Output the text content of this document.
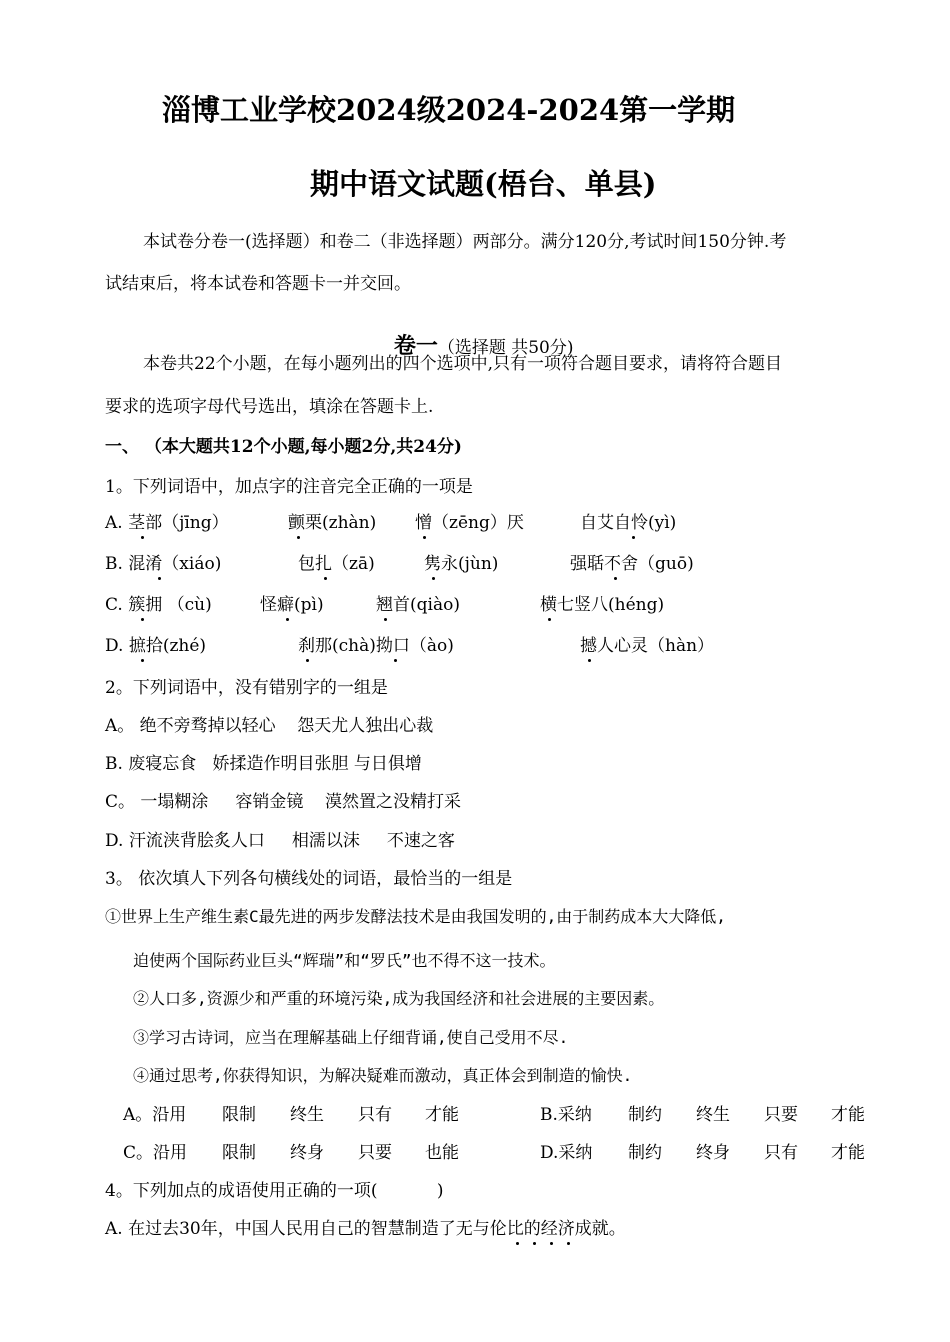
淄博工业学校2024级2024-2024第一学期
期中语文试题(梧台、单县)
本试卷分卷一(选择题）和卷二（非选择题）两部分。满分120分,考试时间150分钟.考
试结束后，将本试卷和答题卡一并交回。

卷一（选择题 共50分)

本卷共22个小题，在每小题列出的四个选项中,只有一项符合题目要求，请将符合题目
要求的选项字母代号选出，填涂在答题卡上.
一、 （本大题共12个小题,每小题2分,共24分)
1。下列词语中，加点字的注音完全正确的一项是
A. 茎部（jīng）	颤栗(zhàn) 憎（zēng）厌	自艾自怜(yì)
B. 混淆（xiáo)	包扎（zā)	隽永(jùn)	强聒不舍（guō)
C. 簇拥 （cù)	怪癖(pì)	翘首(qiào)	横七竖八(héng)
D. 摭拾(zhé)	刹那(chà)拗口（ào)	撼人心灵（hàn）
2。下列词语中，没有错别字的一组是
A。 绝不旁骛掉以轻心    怨天尤人独出心裁
B. 废寝忘食   娇揉造作明目张胆 与日俱增
C。 一塌糊涂     容销金镜    漠然置之没精打采
D. 汗流浃背脍炙人口     相濡以沫     不速之客
3。 依次填人下列各句横线处的词语，最恰当的一组是
①世界上生产维生素C最先进的两步发酵法技术是由我国发明的,由于制药成本大大降低,
迫使两个国际药业巨头“辉瑞”和“罗氏”也不得不这一技术。
②人口多,资源少和严重的环境污染,成为我国经济和社会进展的主要因素。
③学习古诗词，应当在理解基础上仔细背诵,使自己受用不尽.
④通过思考,你获得知识，为解决疑难而激动，真正体会到制造的愉快.
A。沿用 限制 终生 只有 才能	B.采纳 制约 终生 只要 才能
C。沿用 限制 终身 只要 也能	D.采纳 制约 终身 只有 才能
4。下列加点的成语使用正确的一项(           )
A. 在过去30年，中国人民用自己的智慧制造了无与伦比的经济成就。
